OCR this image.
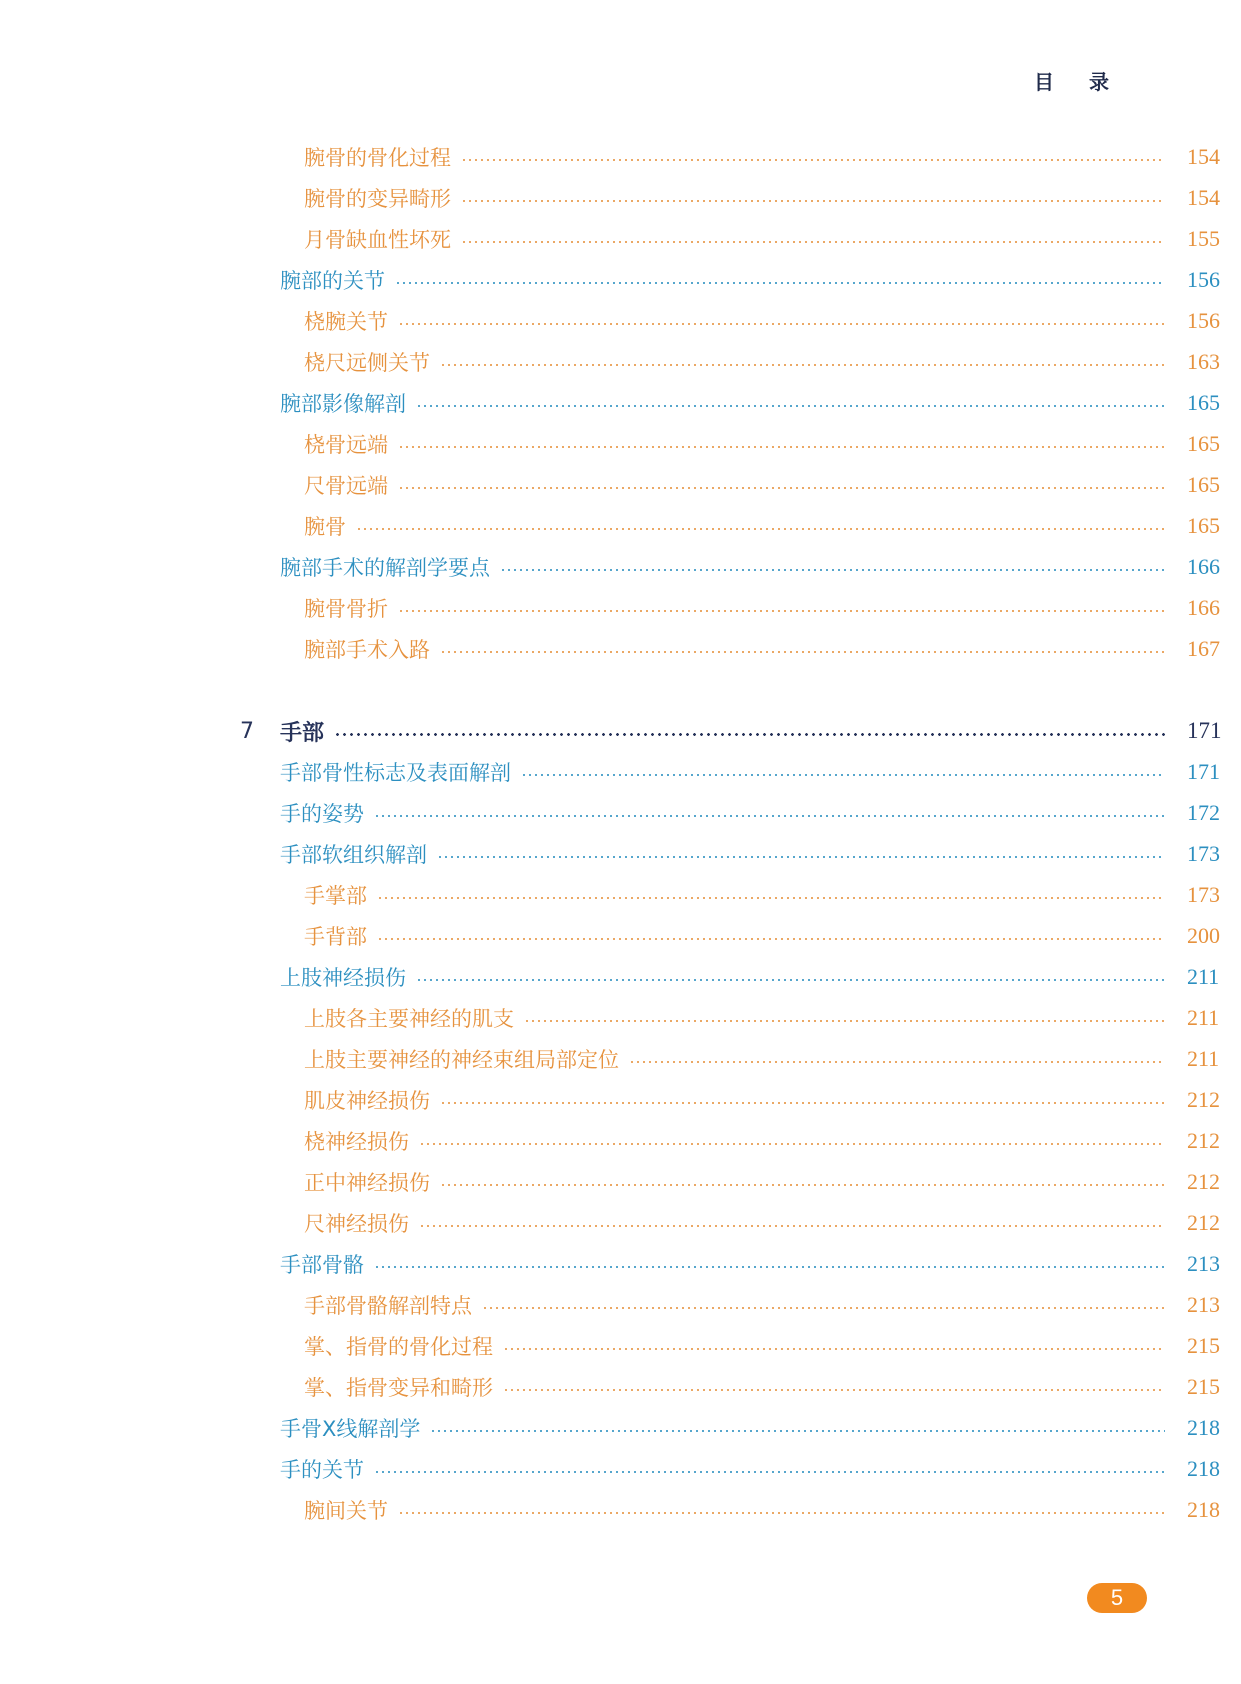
目 录
腕骨的骨化过程	154
腕骨的变异畸形	154
月骨缺血性坏死	155
腕部的关节	156
桡腕关节	156
桡尺远侧关节	163
腕部影像解剖	165
桡骨远端	165
尺骨远端	165
腕骨	165
腕部手术的解剖学要点	166
腕骨骨折	166
腕部手术入路	167
7 手部	171
手部骨性标志及表面解剖	171
手的姿势	172
手部软组织解剖	173
手掌部	173
手背部	200
上肢神经损伤	211
上肢各主要神经的肌支	211
上肢主要神经的神经束组局部定位	211
肌皮神经损伤	212
桡神经损伤	212
正中神经损伤	212
尺神经损伤	212
手部骨骼	213
手部骨骼解剖特点	213
掌、指骨的骨化过程	215
掌、指骨变异和畸形	215
手骨X线解剖学	218
手的关节	218
腕间关节	218
5
